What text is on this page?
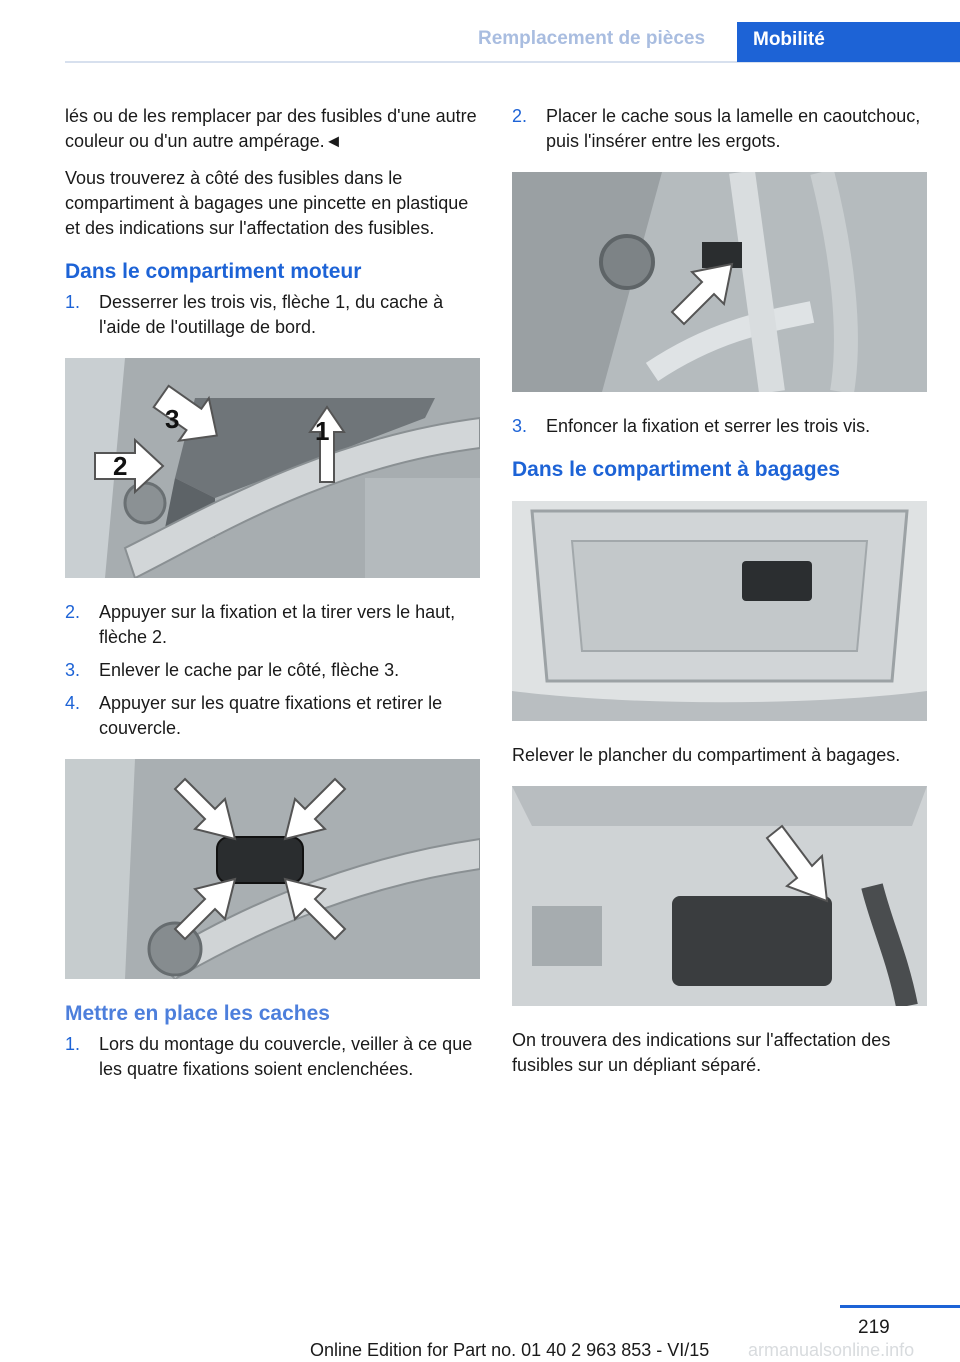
Remplacement de pièces	Mobilité

lés ou de les remplacer par des fusibles d'une autre couleur ou d'un autre ampérage.◄

Vous trouverez à côté des fusibles dans le compartiment à bagages une pincette en plastique et des indications sur l'affectation des fusibles.

Dans le compartiment moteur
1.	Desserrer les trois vis, flèche 1, du cache à l'aide de l'outillage de bord.
1
2
3
2.	Appuyer sur la fixation et la tirer vers le haut, flèche 2.
3.	Enlever le cache par le côté, flèche 3.
4.	Appuyer sur les quatre fixations et retirer le couvercle.
Mettre en place les caches
1.	Lors du montage du couvercle, veiller à ce que les quatre fixations soient enclenchées.
2.	Placer le cache sous la lamelle en caoutchouc, puis l'insérer entre les ergots.
3.	Enfoncer la fixation et serrer les trois vis.
Dans le compartiment à bagages

Relever le plancher du compartiment à bagages.

On trouvera des indications sur l'affectation des fusibles sur un dépliant séparé.

219
Online Edition for Part no. 01 40 2 963 853 - VI/15 armanualsonline.info
